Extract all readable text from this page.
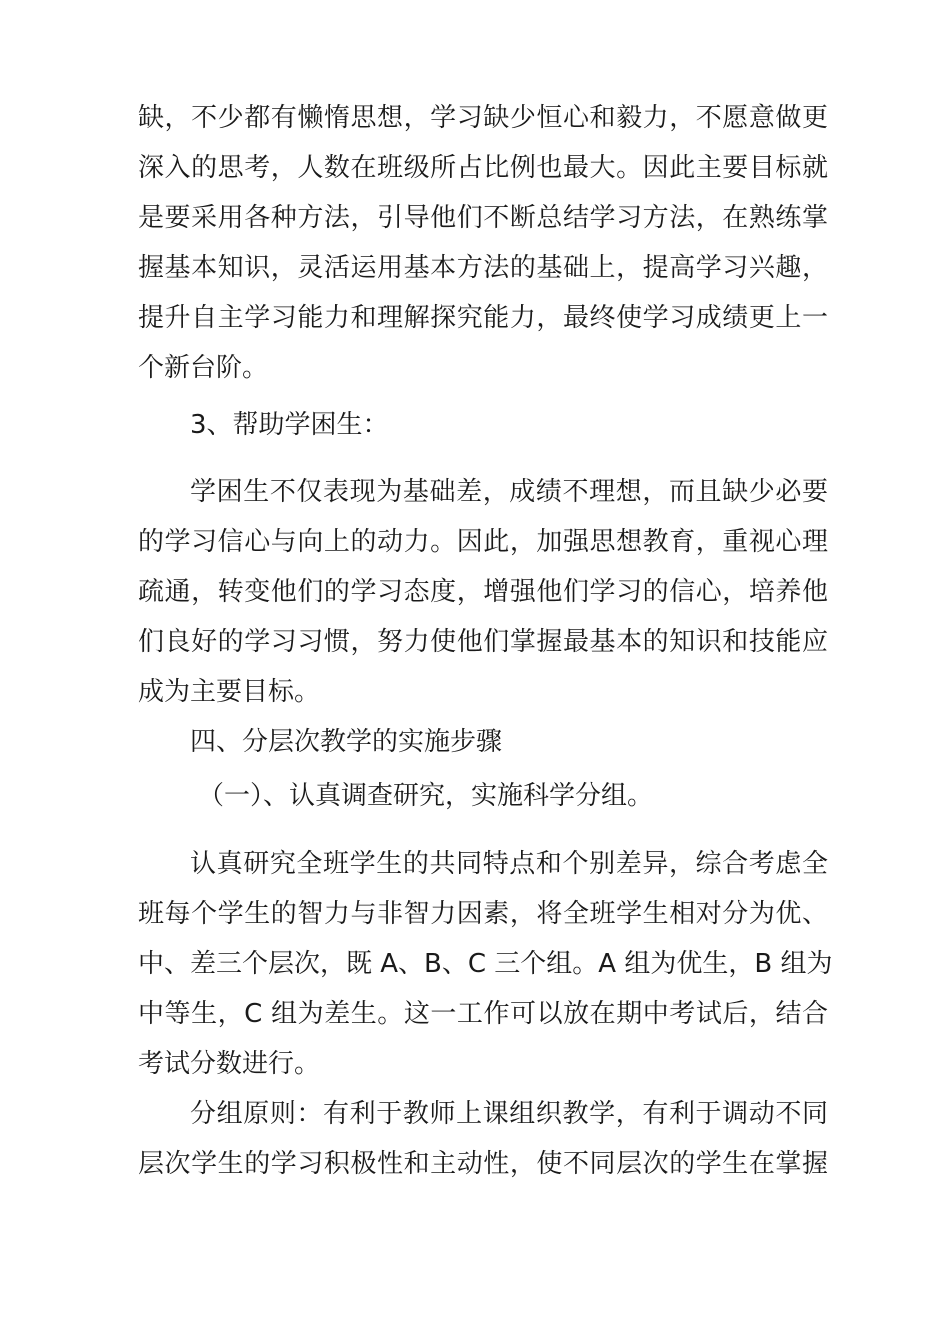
缺，不少都有懒惰思想，学习缺少恒心和毅力，不愿意做更
深入的思考，人数在班级所占比例也最大。因此主要目标就
是要采用各种方法，引导他们不断总结学习方法，在熟练掌
握基本知识，灵活运用基本方法的基础上，提高学习兴趣，
提升自主学习能力和理解探究能力，最终使学习成绩更上一
个新台阶。
3、帮助学困生：
学困生不仅表现为基础差，成绩不理想，而且缺少必要
的学习信心与向上的动力。因此，加强思想教育，重视心理
疏通，转变他们的学习态度，增强他们学习的信心，培养他
们良好的学习习惯，努力使他们掌握最基本的知识和技能应
成为主要目标。
四、分层次教学的实施步骤
（一）、认真调查研究，实施科学分组。
认真研究全班学生的共同特点和个别差异，综合考虑全
班每个学生的智力与非智力因素，将全班学生相对分为优、
中、差三个层次，既 A、B、C 三个组。A 组为优生，B 组为
中等生，C 组为差生。这一工作可以放在期中考试后，结合
考试分数进行。
分组原则：有利于教师上课组织教学，有利于调动不同
层次学生的学习积极性和主动性，使不同层次的学生在掌握
